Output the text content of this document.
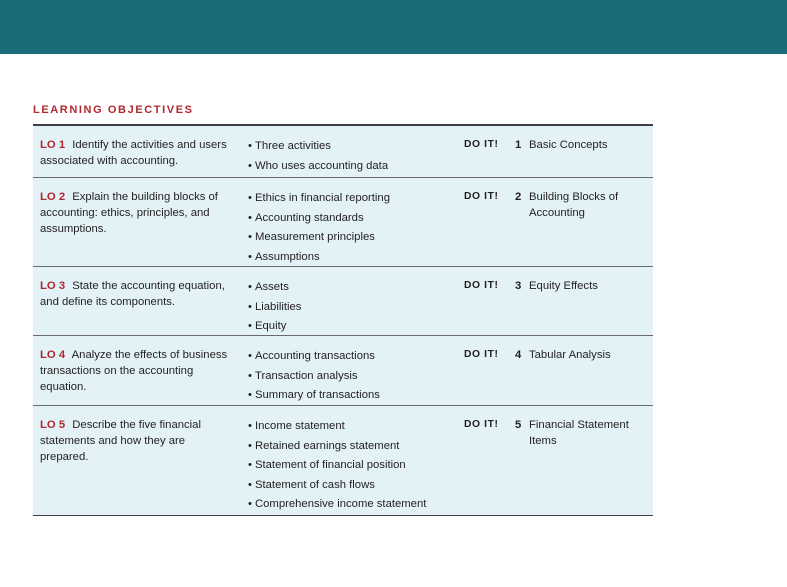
LEARNING OBJECTIVES
LO 1 Identify the activities and users associated with accounting.
• Three activities
• Who uses accounting data
DO IT!	1 Basic Concepts
LO 2 Explain the building blocks of accounting: ethics, principles, and assumptions.
• Ethics in financial reporting
• Accounting standards
• Measurement principles
• Assumptions
DO IT!	2 Building Blocks of Accounting
LO 3 State the accounting equation, and define its components.
• Assets
• Liabilities
• Equity
DO IT!	3 Equity Effects
LO 4 Analyze the effects of business transactions on the accounting equation.
• Accounting transactions
• Transaction analysis
• Summary of transactions
DO IT!	4 Tabular Analysis
LO 5 Describe the five financial statements and how they are prepared.
• Income statement
• Retained earnings statement
• Statement of financial position
• Statement of cash flows
• Comprehensive income statement
DO IT!	5 Financial Statement Items
